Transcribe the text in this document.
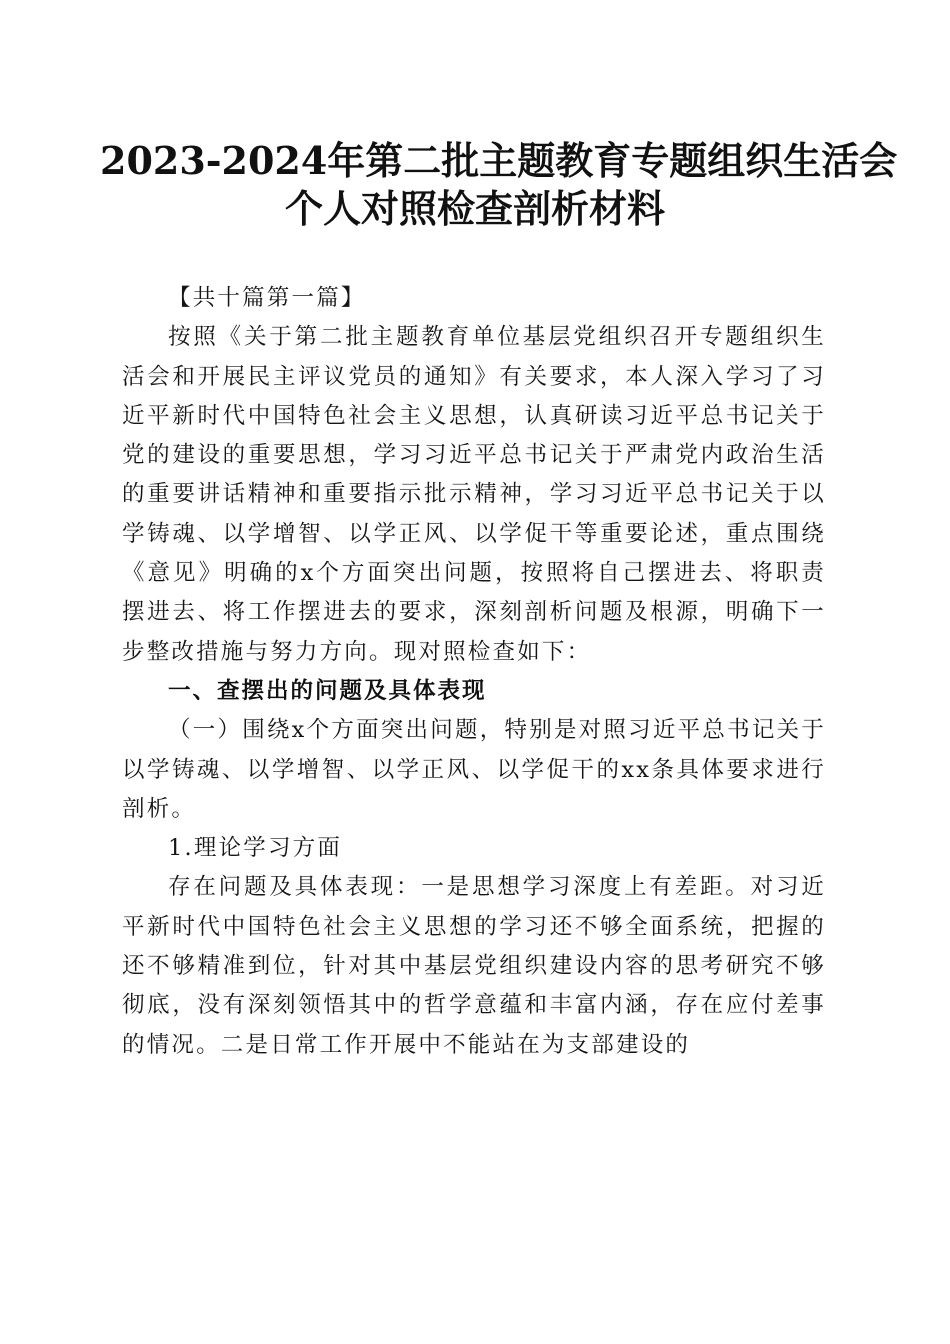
2023-2024年第二批主题教育专题组织生活会
个人对照检查剖析材料

【共十篇第一篇】

按照《关于第二批主题教育单位基层党组织召开专题组织生活会和开展民主评议党员的通知》有关要求，本人深入学习了习近平新时代中国特色社会主义思想，认真研读习近平总书记关于党的建设的重要思想，学习习近平总书记关于严肃党内政治生活的重要讲话精神和重要指示批示精神，学习习近平总书记关于以学铸魂、以学增智、以学正风、以学促干等重要论述，重点围绕《意见》明确的x个方面突出问题，按照将自己摆进去、将职责摆进去、将工作摆进去的要求，深刻剖析问题及根源，明确下一步整改措施与努力方向。现对照检查如下：

一、查摆出的问题及具体表现

（一）围绕x个方面突出问题，特别是对照习近平总书记关于以学铸魂、以学增智、以学正风、以学促干的xx条具体要求进行剖析。

1.理论学习方面

存在问题及具体表现：一是思想学习深度上有差距。对习近平新时代中国特色社会主义思想的学习还不够全面系统，把握的还不够精准到位，针对其中基层党组织建设内容的思考研究不够彻底，没有深刻领悟其中的哲学意蕴和丰富内涵，存在应付差事的情况。二是日常工作开展中不能站在为支部建设的
